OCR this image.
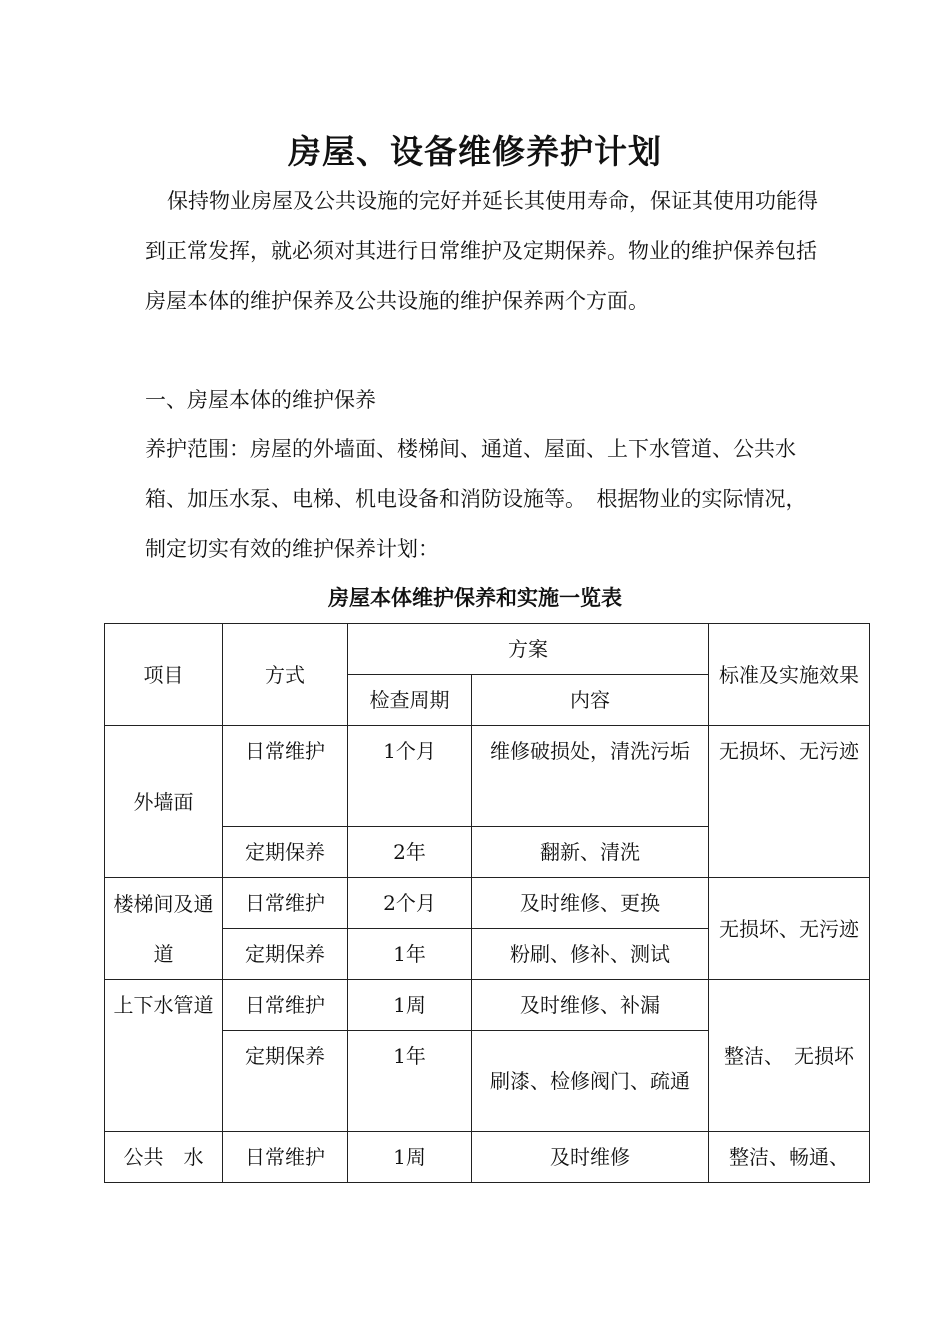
房屋、设备维修养护计划
保持物业房屋及公共设施的完好并延长其使用寿命，保证其使用功能得到正常发挥，就必须对其进行日常维护及定期保养。物业的维护保养包括房屋本体的维护保养及公共设施的维护保养两个方面。
一、房屋本体的维护保养
养护范围：房屋的外墙面、楼梯间、通道、屋面、上下水管道、公共水箱、加压水泵、电梯、机电设备和消防设施等。　根据物业的实际情况，制定切实有效的维护保养计划：
房屋本体维护保养和实施一览表
项目	方式	方案		标准及实施效果
		检查周期	内容	
外墙面	日常维护	1个月	维修破损处，清洗污垢	无损坏、无污迹
	定期保养	2年	翻新、清洗	
楼梯间及通道	日常维护	2个月	及时维修、更换	无损坏、无污迹
	定期保养	1年	粉刷、修补、测试	
上下水管道	日常维护	1周	及时维修、补漏	整洁、　无损坏
	定期保养	1年	刷漆、检修阀门、疏通	
公共　水	日常维护	1周	及时维修	整洁、畅通、
